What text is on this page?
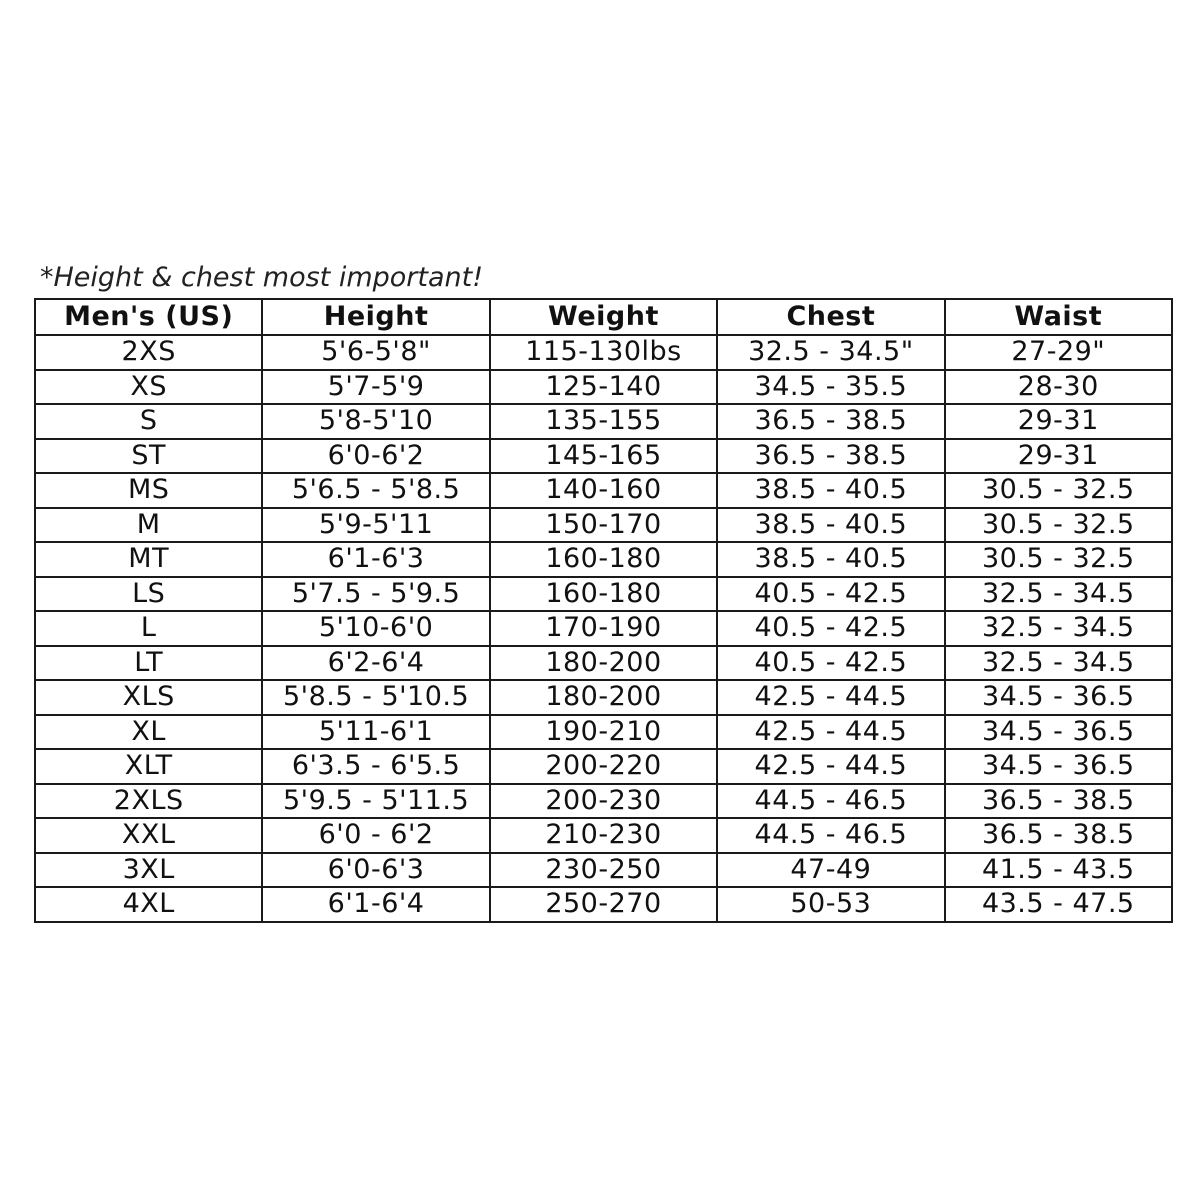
*Height & chest most important!
Men's (US)	Height	Weight	Chest	Waist
2XS	5'6-5'8"	115-130lbs	32.5 - 34.5"	27-29"
XS	5'7-5'9	125-140	34.5 - 35.5	28-30
S	5'8-5'10	135-155	36.5 - 38.5	29-31
ST	6'0-6'2	145-165	36.5 - 38.5	29-31
MS	5'6.5 - 5'8.5	140-160	38.5 - 40.5	30.5 - 32.5
M	5'9-5'11	150-170	38.5 - 40.5	30.5 - 32.5
MT	6'1-6'3	160-180	38.5 - 40.5	30.5 - 32.5
LS	5'7.5 - 5'9.5	160-180	40.5 - 42.5	32.5 - 34.5
L	5'10-6'0	170-190	40.5 - 42.5	32.5 - 34.5
LT	6'2-6'4	180-200	40.5 - 42.5	32.5 - 34.5
XLS	5'8.5 - 5'10.5	180-200	42.5 - 44.5	34.5 - 36.5
XL	5'11-6'1	190-210	42.5 - 44.5	34.5 - 36.5
XLT	6'3.5 - 6'5.5	200-220	42.5 - 44.5	34.5 - 36.5
2XLS	5'9.5 - 5'11.5	200-230	44.5 - 46.5	36.5 - 38.5
XXL	6'0 - 6'2	210-230	44.5 - 46.5	36.5 - 38.5
3XL	6'0-6'3	230-250	47-49	41.5 - 43.5
4XL	6'1-6'4	250-270	50-53	43.5 - 47.5
